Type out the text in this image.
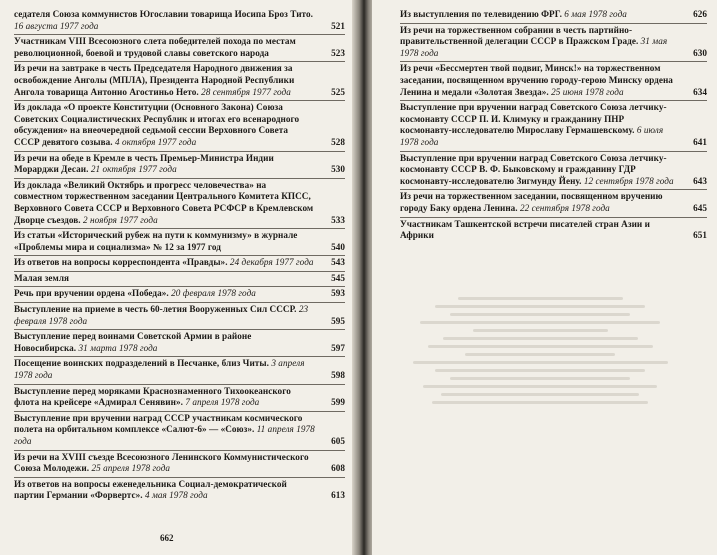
седателя Союза коммунистов Югославии товарища Иосипа Броз Тито. 16 августа 1977 года	521
Участникам VIII Всесоюзного слета победителей похода по местам революционной, боевой и трудовой славы советского народа	523
Из речи на завтраке в честь Председателя Народного движения за освобождение Анголы (МПЛА), Президента Народной Республики Ангола товарища Антонио Агостиньо Нето. 28 сентября 1977 года	525
Из доклада «О проекте Конституции (Основного Закона) Союза Советских Социалистических Республик и итогах его всенародного обсуждения» на внеочередной седьмой сессии Верховного Совета СССР девятого созыва. 4 октября 1977 года	528
Из речи на обеде в Кремле в честь Премьер-Министра Индии Морарджи Десаи. 21 октября 1977 года	530
Из доклада «Великий Октябрь и прогресс человечества» на совместном торжественном заседании Центрального Комитета КПСС, Верховного Совета СССР и Верховного Совета РСФСР в Кремлевском Дворце съездов. 2 ноября 1977 года	533
Из статьи «Исторический рубеж на пути к коммунизму» в журнале «Проблемы мира и социализма» № 12 за 1977 год	540
Из ответов на вопросы корреспондента «Правды». 24 декабря 1977 года 543
Малая земля	545
Речь при вручении ордена «Победа». 20 февраля 1978 года	593
Выступление на приеме в честь 60-летия Вооруженных Сил СССР. 23 февраля 1978 года	595
Выступление перед воинами Советской Армии в районе Новосибирска. 31 марта 1978 года	597
Посещение воинских подразделений в Песчанке, близ Читы. 3 апреля 1978 года	598
Выступление перед моряками Краснознаменного Тихоокеанского флота на крейсере «Адмирал Сенявин». 7 апреля 1978 года	599
Выступление при вручении наград СССР участникам космического полета на орбитальном комплексе «Салют-6» — «Союз». 11 апреля 1978 года	605
Из речи на XVIII съезде Всесоюзного Ленинского Коммунистического Союза Молодежи. 25 апреля 1978 года	608
Из ответов на вопросы еженедельника Социал-демократической партии Германии «Форвертс». 4 мая 1978 года	613
662
Из выступления по телевидению ФРГ. 6 мая 1978 года	626
Из речи на торжественном собрании в честь партийно-правительственной делегации СССР в Пражском Граде. 31 мая 1978 года	630
Из речи «Бессмертен твой подвиг, Минск!» на торжественном заседании, посвященном вручению городу-герою Минску ордена Ленина и медали «Золотая Звезда». 25 июня 1978 года	634
Выступление при вручении наград Советского Союза летчику-космонавту СССР П. И. Климуку и гражданину ПНР космонавту-исследователю Мирославу Гермашевскому. 6 июля 1978 года	641
Выступление при вручении наград Советского Союза летчику-космонавту СССР В. Ф. Быковскому и гражданину ГДР космонавту-исследователю Зигмунду Йену. 12 сентября 1978 года	643
Из речи на торжественном заседании, посвященном вручению городу Баку ордена Ленина. 22 сентября 1978 года	645
Участникам Ташкентской встречи писателей стран Азии и Африки	651
